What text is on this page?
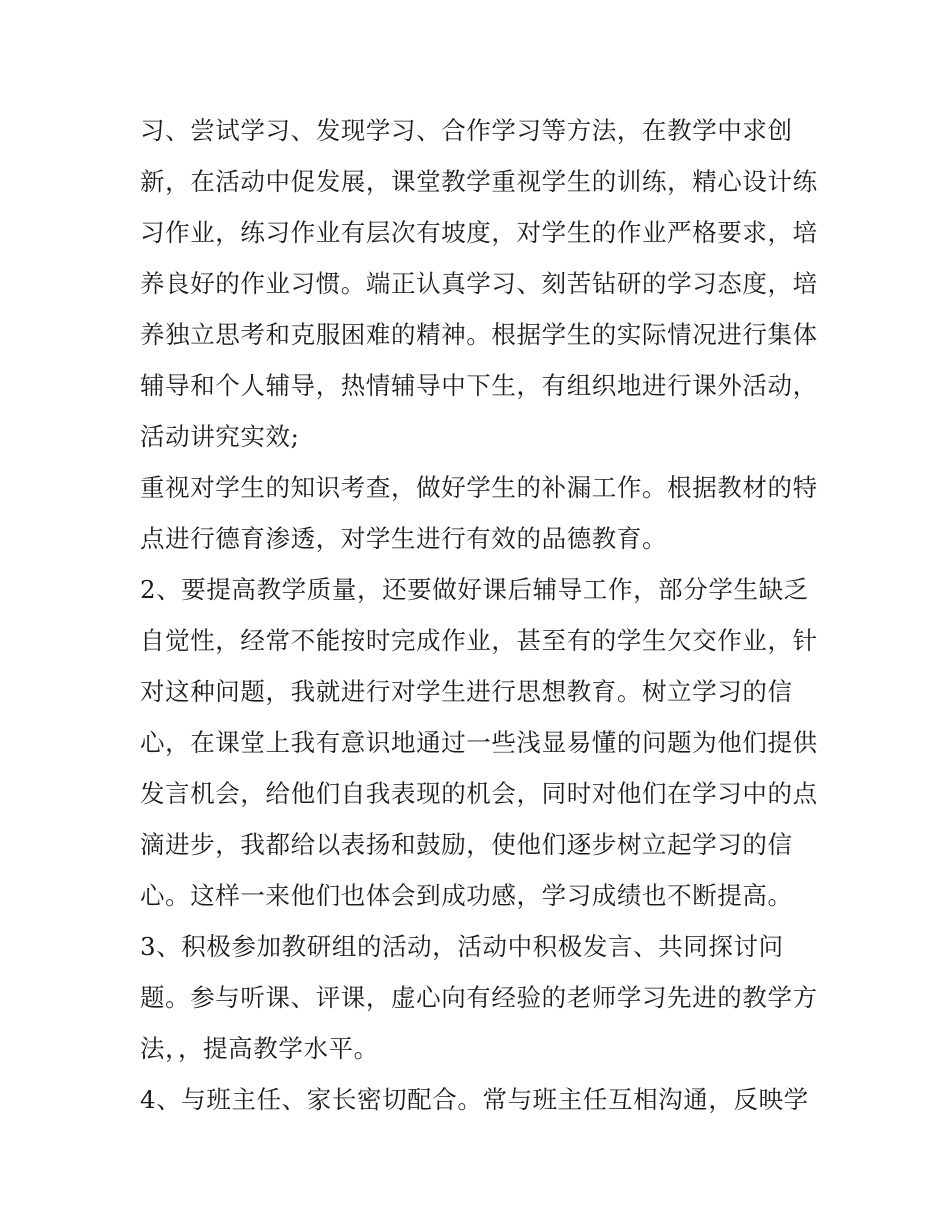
习、尝试学习、发现学习、合作学习等方法，在教学中求创
新，在活动中促发展，课堂教学重视学生的训练，精心设计练
习作业，练习作业有层次有坡度，对学生的作业严格要求，培
养良好的作业习惯。端正认真学习、刻苦钻研的学习态度，培
养独立思考和克服困难的精神。根据学生的实际情况进行集体
辅导和个人辅导，热情辅导中下生，有组织地进行课外活动，
活动讲究实效;
重视对学生的知识考查，做好学生的补漏工作。根据教材的特
点进行德育渗透，对学生进行有效的品德教育。
2、要提高教学质量，还要做好课后辅导工作，部分学生缺乏
自觉性，经常不能按时完成作业，甚至有的学生欠交作业，针
对这种问题，我就进行对学生进行思想教育。树立学习的信
心，在课堂上我有意识地通过一些浅显易懂的问题为他们提供
发言机会，给他们自我表现的机会，同时对他们在学习中的点
滴进步，我都给以表扬和鼓励，使他们逐步树立起学习的信
心。这样一来他们也体会到成功感，学习成绩也不断提高。
3、积极参加教研组的活动，活动中积极发言、共同探讨问
题。参与听课、评课，虚心向有经验的老师学习先进的教学方
法，，提高教学水平。
4、与班主任、家长密切配合。常与班主任互相沟通，反映学
